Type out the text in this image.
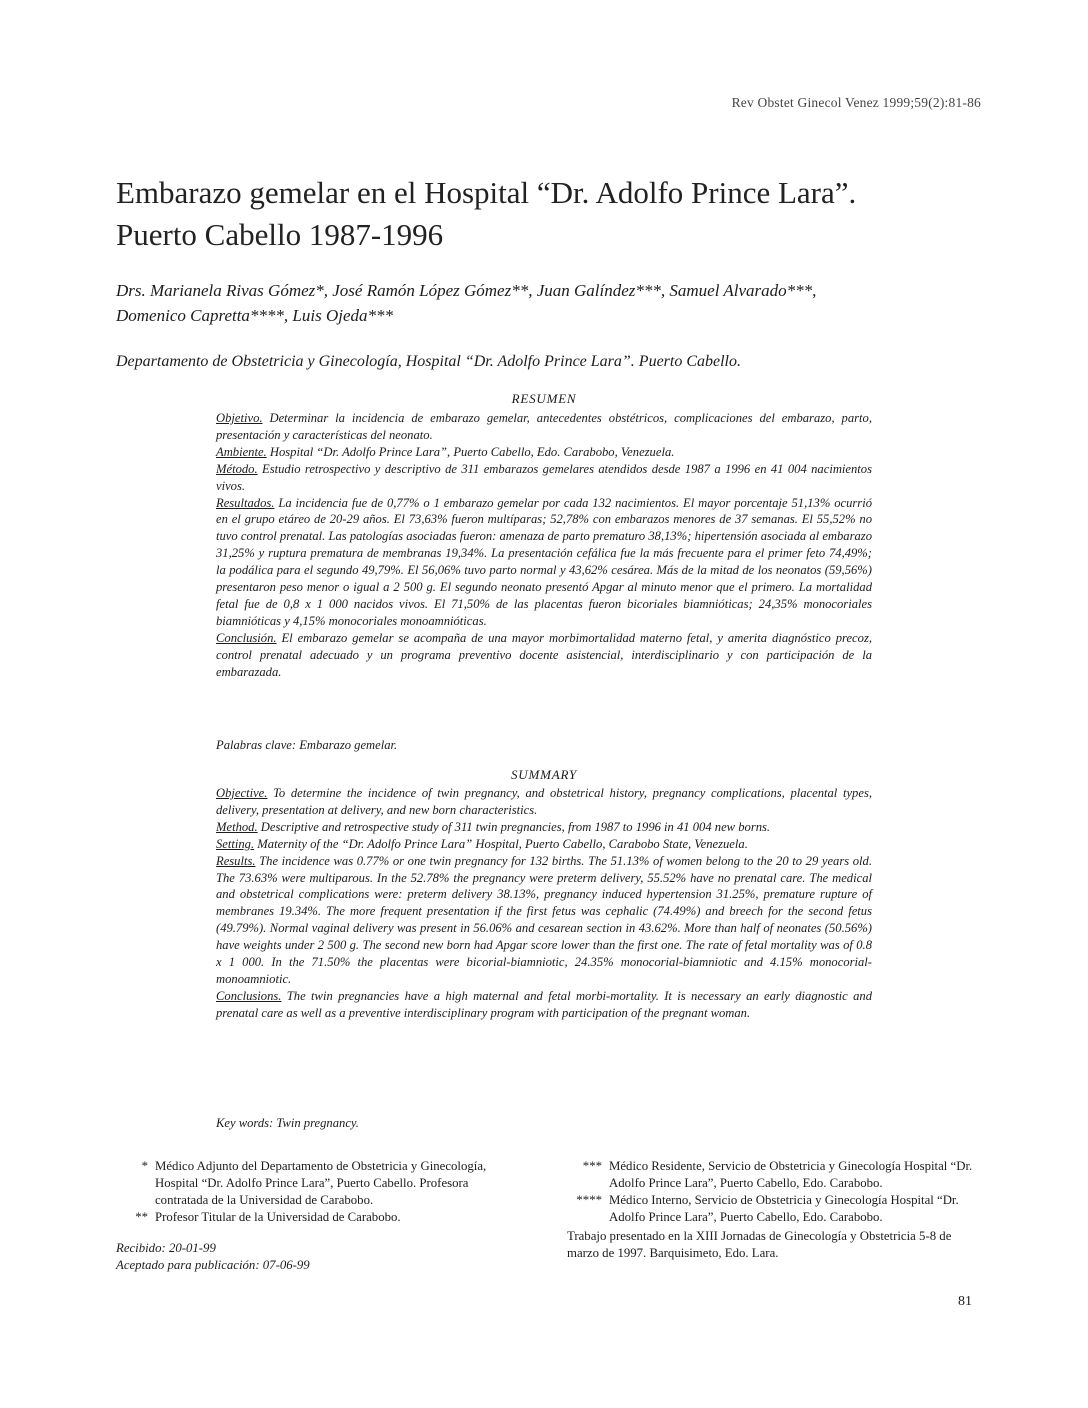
Rev Obstet Ginecol Venez 1999;59(2):81-86
Embarazo gemelar en el Hospital “Dr. Adolfo Prince Lara”.
Puerto Cabello 1987-1996
Drs. Marianela Rivas Gómez*, José Ramón López Gómez**, Juan Galíndez***, Samuel Alvarado***,
Domenico Capretta****, Luis Ojeda***
Departamento de Obstetricia y Ginecología, Hospital “Dr. Adolfo Prince Lara”. Puerto Cabello.
RESUMEN

Objetivo. Determinar la incidencia de embarazo gemelar, antecedentes obstétricos, complicaciones del embarazo, parto, presentación y características del neonato.

Ambiente. Hospital “Dr. Adolfo Prince Lara”, Puerto Cabello, Edo. Carabobo, Venezuela.

Método. Estudio retrospectivo y descriptivo de 311 embarazos gemelares atendidos desde 1987 a 1996 en 41 004 nacimientos vivos.

Resultados. La incidencia fue de 0,77% o 1 embarazo gemelar por cada 132 nacimientos. El mayor porcentaje 51,13% ocurrió en el grupo etáreo de 20-29 años. El 73,63% fueron multíparas; 52,78% con embarazos menores de 37 semanas. El 55,52% no tuvo control prenatal. Las patologías asociadas fueron: amenaza de parto prematuro 38,13%; hipertensión asociada al embarazo 31,25% y ruptura prematura de membranas 19,34%. La presentación cefálica fue la más frecuente para el primer feto 74,49%; la podálica para el segundo 49,79%. El 56,06% tuvo parto normal y 43,62% cesárea. Más de la mitad de los neonatos (59,56%) presentaron peso menor o igual a 2 500 g. El segundo neonato presentó Apgar al minuto menor que el primero. La mortalidad fetal fue de 0,8 x 1 000 nacidos vivos. El 71,50% de las placentas fueron bicoriales biamnióticas; 24,35% monocoriales biamnióticas y 4,15% monocoriales monoamnióticas.

Conclusión. El embarazo gemelar se acompaña de una mayor morbimortalidad materno fetal, y amerita diagnóstico precoz, control prenatal adecuado y un programa preventivo docente asistencial, interdisciplinario y con participación de la embarazada.

Palabras clave: Embarazo gemelar.
SUMMARY

Objective. To determine the incidence of twin pregnancy, and obstetrical history, pregnancy complications, placental types, delivery, presentation at delivery, and new born characteristics.

Method. Descriptive and retrospective study of 311 twin pregnancies, from 1987 to 1996 in 41 004 new borns.

Setting. Maternity of the “Dr. Adolfo Prince Lara” Hospital, Puerto Cabello, Carabobo State, Venezuela.

Results. The incidence was 0.77% or one twin pregnancy for 132 births. The 51.13% of women belong to the 20 to 29 years old. The 73.63% were multiparous. In the 52.78% the pregnancy were preterm delivery, 55.52% have no prenatal care. The medical and obstetrical complications were: preterm delivery 38.13%, pregnancy induced hypertension 31.25%, premature rupture of membranes 19.34%. The more frequent presentation if the first fetus was cephalic (74.49%) and breech for the second fetus (49.79%). Normal vaginal delivery was present in 56.06% and cesarean section in 43.62%. More than half of neonates (50.56%) have weights under 2 500 g. The second new born had Apgar score lower than the first one. The rate of fetal mortality was of 0.8 x 1 000. In the 71.50% the placentas were bicorial-biamniotic, 24.35% monocorial-biamniotic and 4.15% monocorial-monoamniotic.

Conclusions. The twin pregnancies have a high maternal and fetal morbi-mortality. It is necessary an early diagnostic and prenatal care as well as a preventive interdisciplinary program with participation of the pregnant woman.

Key words: Twin pregnancy.
* Médico Adjunto del Departamento de Obstetricia y Ginecología, Hospital “Dr. Adolfo Prince Lara”, Puerto Cabello. Profesora contratada de la Universidad de Carabobo.
** Profesor Titular de la Universidad de Carabobo.
*** Médico Residente, Servicio de Obstetricia y Ginecología Hospital “Dr. Adolfo Prince Lara”, Puerto Cabello, Edo. Carabobo.
**** Médico Interno, Servicio de Obstetricia y Ginecología Hospital “Dr. Adolfo Prince Lara”, Puerto Cabello, Edo. Carabobo.
Trabajo presentado en la XIII Jornadas de Ginecología y Obstetricia 5-8 de marzo de 1997. Barquisimeto, Edo. Lara.
Recibido: 20-01-99
Aceptado para publicación: 07-06-99
81
